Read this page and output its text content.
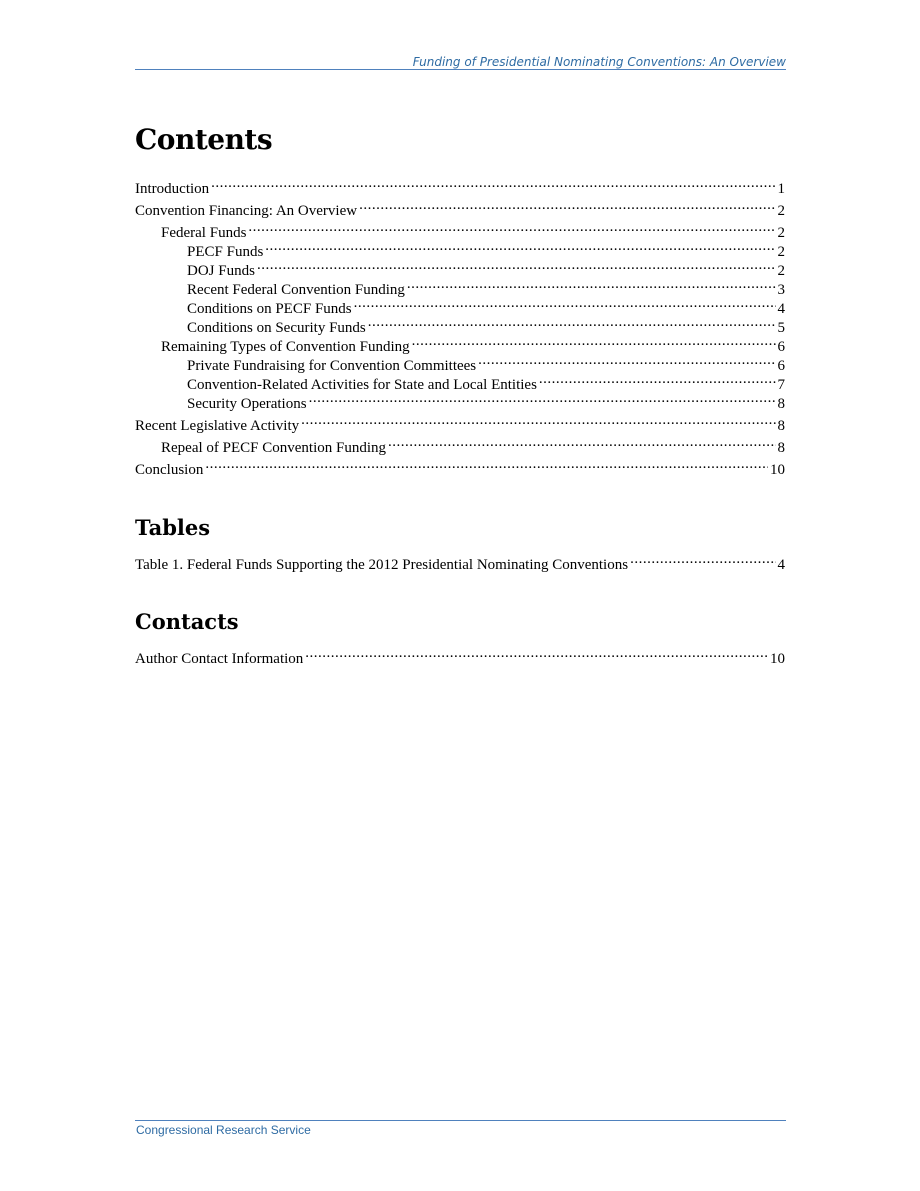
Funding of Presidential Nominating Conventions: An Overview
Contents
Introduction .....	1
Convention Financing: An Overview .....	2
Federal Funds .....	2
PECF Funds .....	2
DOJ Funds .....	2
Recent Federal Convention Funding .....	3
Conditions on PECF Funds .....	4
Conditions on Security Funds .....	5
Remaining Types of Convention Funding .....	6
Private Fundraising for Convention Committees .....	6
Convention-Related Activities for State and Local Entities .....	7
Security Operations .....	8
Recent Legislative Activity .....	8
Repeal of PECF Convention Funding .....	8
Conclusion .....	10
Tables
Table 1. Federal Funds Supporting the 2012 Presidential Nominating Conventions .....	4
Contacts
Author Contact Information .....	10
Congressional Research Service
